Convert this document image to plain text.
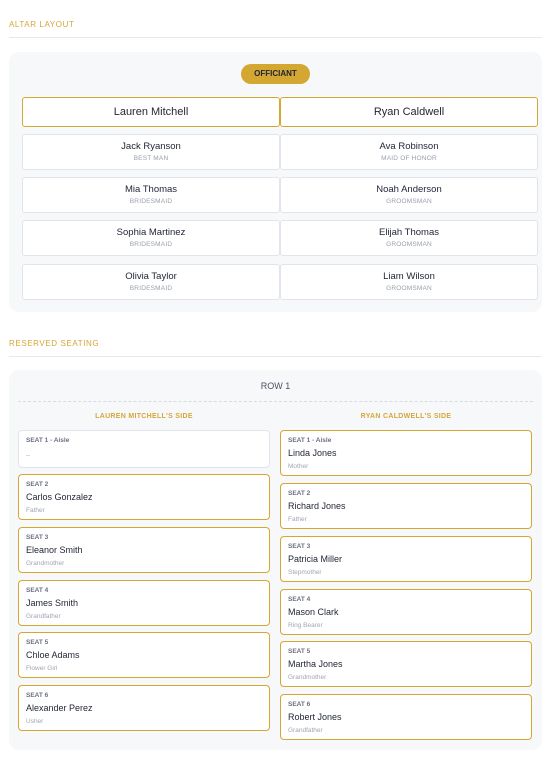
ALTAR LAYOUT
OFFICIANT
Lauren Mitchell	Ryan Caldwell
Jack Ryanson
BEST MAN
Ava Robinson
MAID OF HONOR
Mia Thomas
BRIDESMAID
Noah Anderson
GROOMSMAN
Sophia Martinez
BRIDESMAID
Elijah Thomas
GROOMSMAN
Olivia Taylor
BRIDESMAID
Liam Wilson
GROOMSMAN
RESERVED SEATING
ROW 1
LAUREN MITCHELL'S SIDE	RYAN CALDWELL'S SIDE
SEAT 1 - Aisle
--
SEAT 2
Carlos Gonzalez
Father
SEAT 3
Eleanor Smith
Grandmother
SEAT 4
James Smith
Grandfather
SEAT 5
Chloe Adams
Flower Girl
SEAT 6
Alexander Perez
Usher
SEAT 1 - Aisle
Linda Jones
Mother
SEAT 2
Richard Jones
Father
SEAT 3
Patricia Miller
Stepmother
SEAT 4
Mason Clark
Ring Bearer
SEAT 5
Martha Jones
Grandmother
SEAT 6
Robert Jones
Grandfather
